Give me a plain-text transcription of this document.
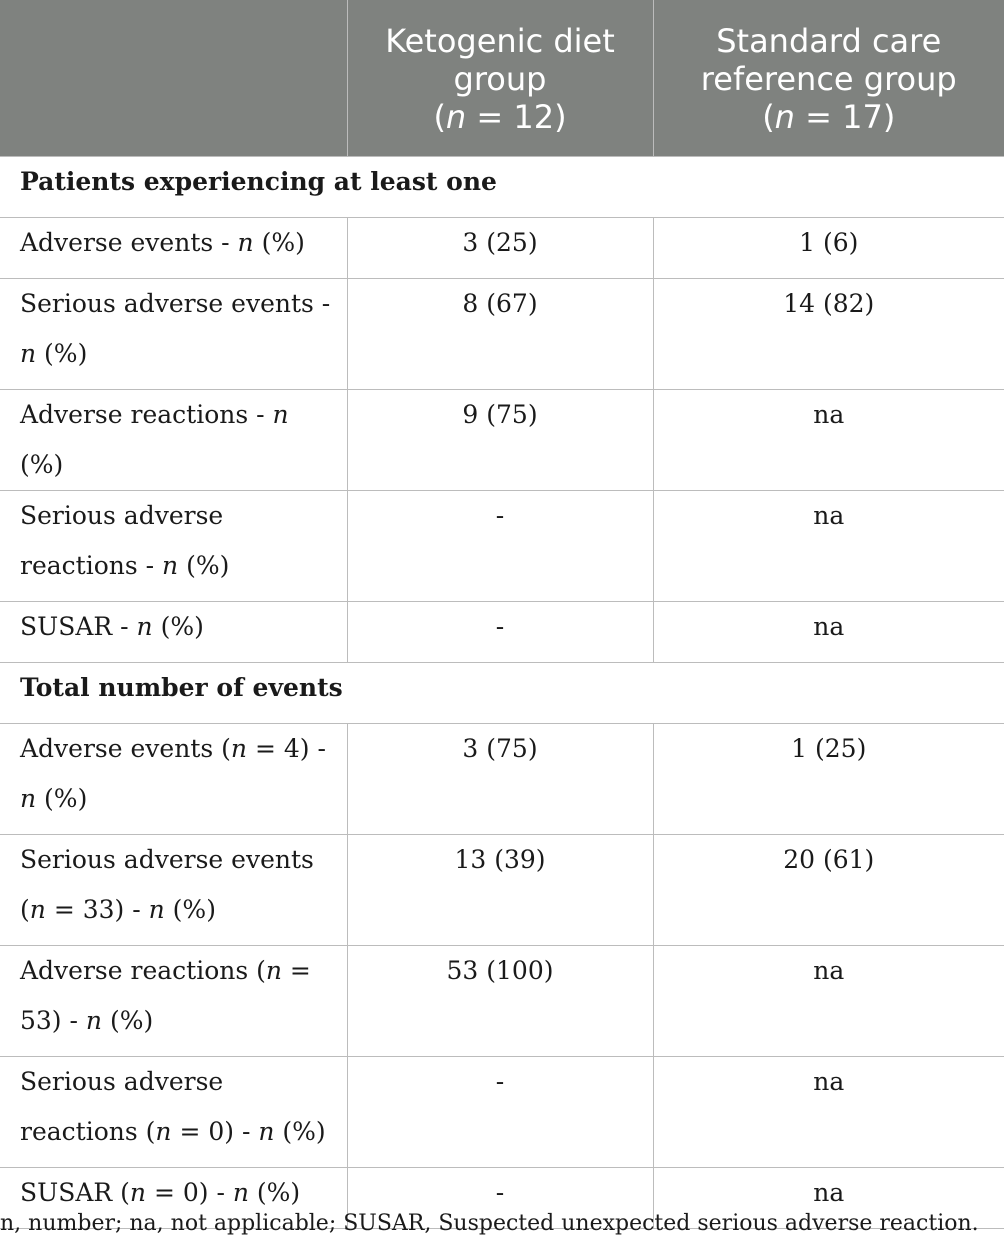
	Ketogenic diet
group
(n = 12)	Standard care
reference group
(n = 17)

Patients experiencing at least one		
Adverse events - n (%)	3 (25)	1 (6)
Serious adverse events - n (%)	8 (67)	14 (82)
Adverse reactions - n (%)	9 (75)	na
Serious adverse reactions - n (%)	-	na
SUSAR - n (%)	-	na
Total number of events		
Adverse events (n = 4) - n (%)	3 (75)	1 (25)
Serious adverse events (n = 33) - n (%)	13 (39)	20 (61)
Adverse reactions (n = 53) - n (%)	53 (100)	na
Serious adverse reactions (n = 0) - n (%)	-	na
SUSAR (n = 0) - n (%)	-	na
n, number; na, not applicable; SUSAR, Suspected unexpected serious adverse reaction.
